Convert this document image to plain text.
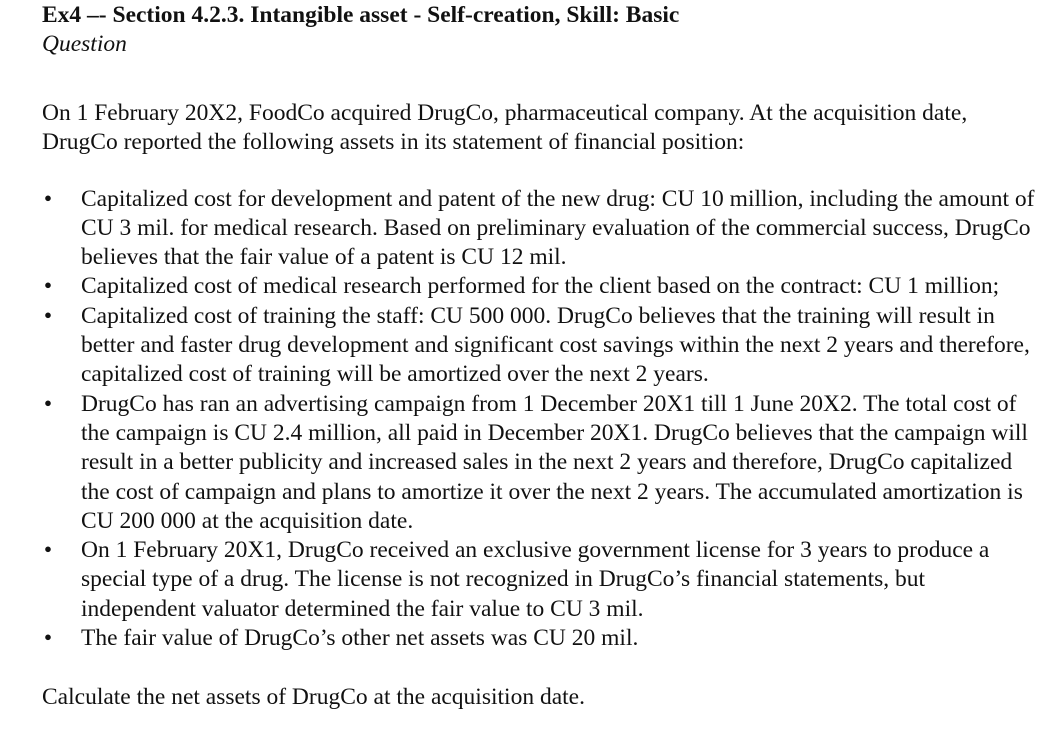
Ex4 –- Section 4.2.3. Intangible asset - Self-creation, Skill: Basic

Question

On 1 February 20X2, FoodCo acquired DrugCo, pharmaceutical company. At the acquisition date, DrugCo reported the following assets in its statement of financial position:

• Capitalized cost for development and patent of the new drug: CU 10 million, including the amount of CU 3 mil. for medical research. Based on preliminary evaluation of the commercial success, DrugCo believes that the fair value of a patent is CU 12 mil.
• Capitalized cost of medical research performed for the client based on the contract: CU 1 million;
• Capitalized cost of training the staff: CU 500 000. DrugCo believes that the training will result in better and faster drug development and significant cost savings within the next 2 years and therefore, capitalized cost of training will be amortized over the next 2 years.
• DrugCo has ran an advertising campaign from 1 December 20X1 till 1 June 20X2. The total cost of the campaign is CU 2.4 million, all paid in December 20X1. DrugCo believes that the campaign will result in a better publicity and increased sales in the next 2 years and therefore, DrugCo capitalized the cost of campaign and plans to amortize it over the next 2 years. The accumulated amortization is CU 200 000 at the acquisition date.
• On 1 February 20X1, DrugCo received an exclusive government license for 3 years to produce a special type of a drug. The license is not recognized in DrugCo’s financial statements, but independent valuator determined the fair value to CU 3 mil.
• The fair value of DrugCo’s other net assets was CU 20 mil.

Calculate the net assets of DrugCo at the acquisition date.
